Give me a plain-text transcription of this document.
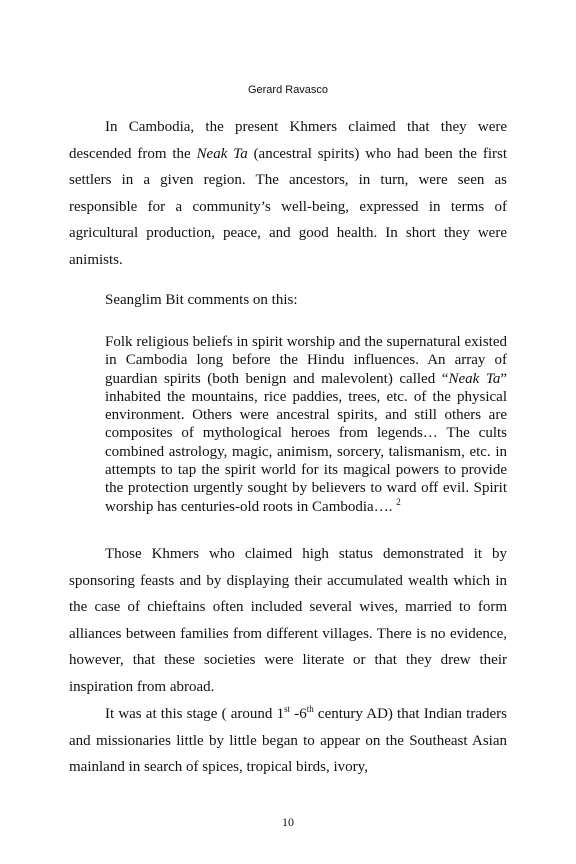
Gerard Ravasco

In Cambodia, the present Khmers claimed that they were descended from the Neak Ta (ancestral spirits) who had been the first settlers in a given region. The ancestors, in turn, were seen as responsible for a community’s well-being, expressed in terms of agricultural production, peace, and good health. In short they were animists.

Seanglim Bit comments on this:

Folk religious beliefs in spirit worship and the supernatural existed in Cambodia long before the Hindu influences. An array of guardian spirits (both benign and malevolent) called “Neak Ta” inhabited the mountains, rice paddies, trees, etc. of the physical environment. Others were ancestral spirits, and still others are composites of mythological heroes from legends… The cults combined astrology, magic, animism, sorcery, talismanism, etc. in attempts to tap the spirit world for its magical powers to provide the protection urgently sought by believers to ward off evil. Spirit worship has centuries-old roots in Cambodia…. $^2$

Those Khmers who claimed high status demonstrated it by sponsoring feasts and by displaying their accumulated wealth which in the case of chieftains often included several wives, married to form alliances between families from different villages. There is no evidence, however, that these societies were literate or that they drew their inspiration from abroad.

It was at this stage ( around 1st -6th century AD) that Indian traders and missionaries little by little began to appear on the Southeast Asian mainland in search of spices, tropical birds, ivory,

10
